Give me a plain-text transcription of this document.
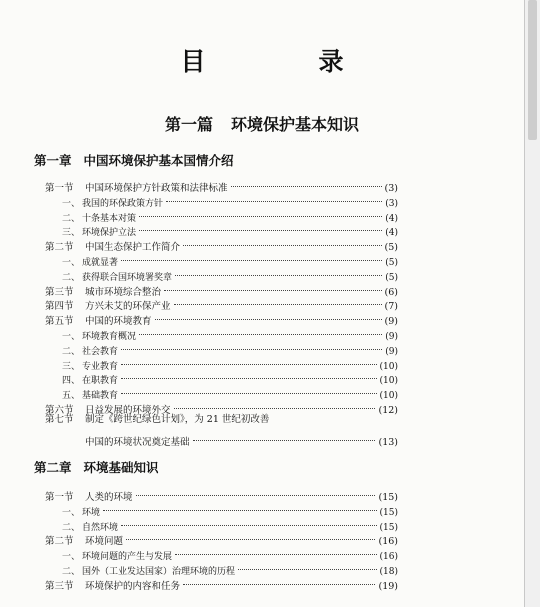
目　录
第一篇 环境保护基本知识
第一章 中国环境保护基本国情介绍
第一节	中国环境保护方针政策和法律标准	(3)
一、 我国的环保政策方针	(3)
二、 十条基本对策	(4)
三、 环境保护立法	(4)
第二节	中国生态保护工作简介	(5)
一、 成就显著	(5)
二、 获得联合国环境署奖章	(5)
第三节	城市环境综合整治	(6)
第四节	方兴未艾的环保产业	(7)
第五节	中国的环境教育	(9)
一、 环境教育概况	(9)
二、 社会教育	(9)
三、 专业教育	(10)
四、 在职教育	(10)
五、 基础教育	(10)
第六节	日益发展的环境外交	(12)
第七节 制定《跨世纪绿色计划》，为 21 世纪初改善
中国的环境状况奠定基础	(13)
第二章 环境基础知识
第一节	人类的环境	(15)
一、 环境	(15)
二、 自然环境	(15)
第二节	环境问题	(16)
一、 环境问题的产生与发展	(16)
二、 国外（工业发达国家）治理环境的历程	(18)
第三节	环境保护的内容和任务	(19)
